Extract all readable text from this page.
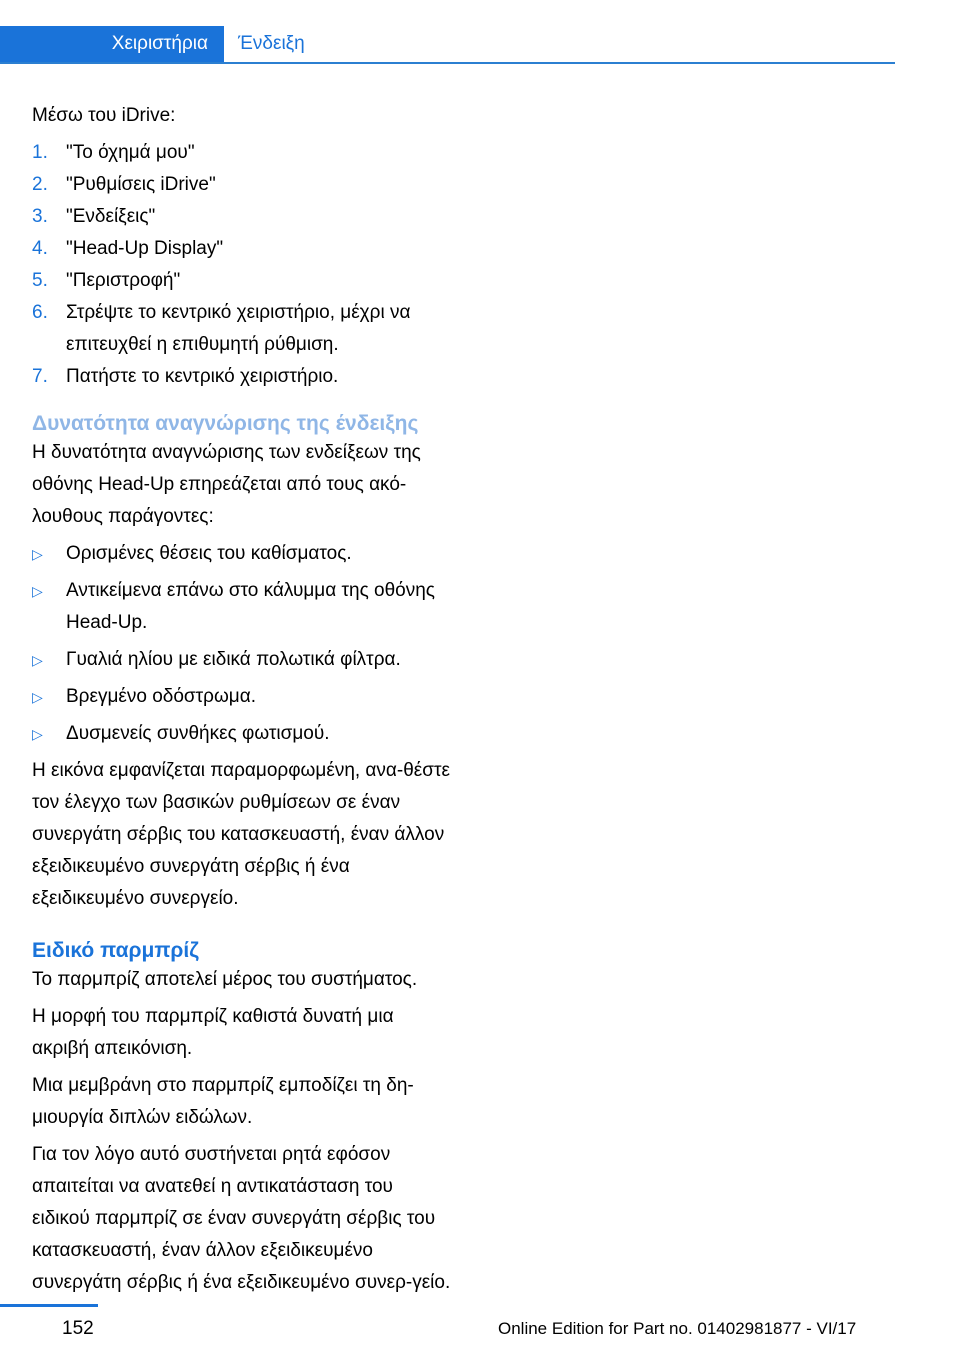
Χειριστήρια	Ένδειξη

Μέσω του iDrive:

1. "Το όχημά μου"
2. "Ρυθμίσεις iDrive"
3. "Ενδείξεις"
4. "Head-Up Display"
5. "Περιστροφή"
6. Στρέψτε το κεντρικό χειριστήριο, μέχρι να επιτευχθεί η επιθυμητή ρύθμιση.
7. Πατήστε το κεντρικό χειριστήριο.
Δυνατότητα αναγνώρισης της ένδειξης

Η δυνατότητα αναγνώρισης των ενδείξεων της οθόνης Head-Up επηρεάζεται από τους ακό-λουθους παράγοντες:

▷ Ορισμένες θέσεις του καθίσματος.
▷ Αντικείμενα επάνω στο κάλυμμα της οθόνης Head-Up.
▷ Γυαλιά ηλίου με ειδικά πολωτικά φίλτρα.
▷ Βρεγμένο οδόστρωμα.
▷ Δυσμενείς συνθήκες φωτισμού.

Η εικόνα εμφανίζεται παραμορφωμένη, ανα-θέστε τον έλεγχο των βασικών ρυθμίσεων σε έναν συνεργάτη σέρβις του κατασκευαστή, έναν άλλον εξειδικευμένο συνεργάτη σέρβις ή ένα εξειδικευμένο συνεργείο.

Ειδικό παρμπρίζ

Το παρμπρίζ αποτελεί μέρος του συστήματος.

Η μορφή του παρμπρίζ καθιστά δυνατή μια ακριβή απεικόνιση.

Μια μεμβράνη στο παρμπρίζ εμποδίζει τη δη-μιουργία διπλών ειδώλων.

Για τον λόγο αυτό συστήνεται ρητά εφόσον απαιτείται να ανατεθεί η αντικατάσταση του ειδικού παρμπρίζ σε έναν συνεργάτη σέρβις του κατασκευαστή, έναν άλλον εξειδικευμένο συνεργάτη σέρβις ή ένα εξειδικευμένο συνερ-γείο.

152	Online Edition for Part no. 01402981877 - VI/17
